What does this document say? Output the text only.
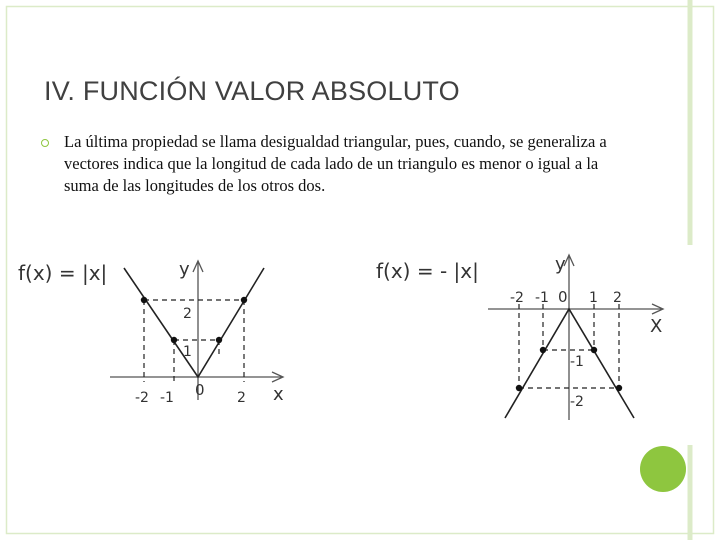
IV. FUNCIÓN VALOR ABSOLUTO

La última propiedad se llama desigualdad triangular, pues, cuando, se generaliza a vectores indica que la longitud de cada lado de un triangulo es menor o igual a la suma de las longitudes de los otros dos.

f(x) = |x|	y
x
0
-2 -1	2
2
1
f(x) = - |x|	y
X
0
-2 -1	1 2
-1
-2
